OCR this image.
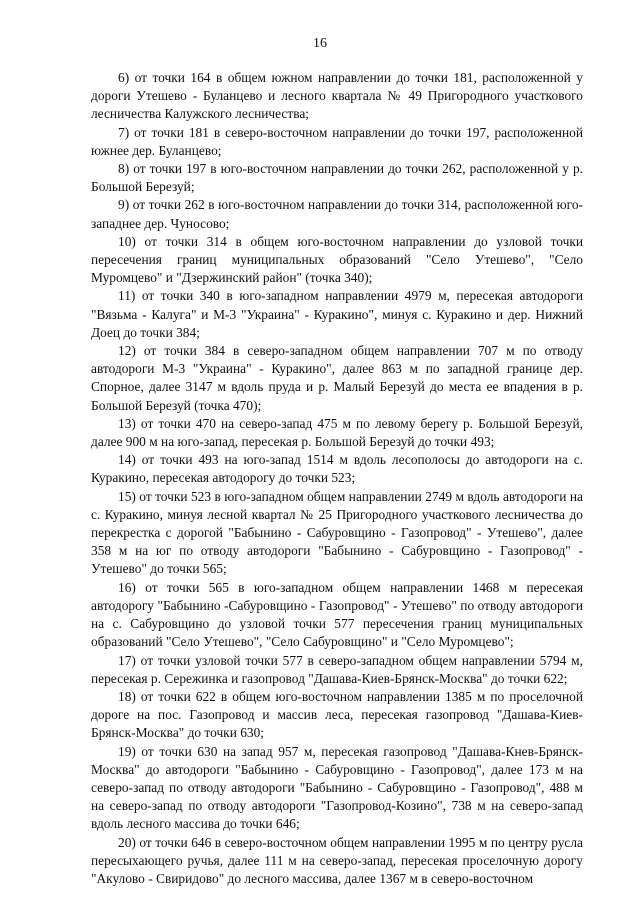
16

6) от точки 164 в общем южном направлении до точки 181, расположенной у дороги Утешево - Буланцево и лесного квартала № 49 Пригородного участкового лесничества Калужского лесничества;

7) от точки 181 в северо-восточном направлении до точки 197, расположенной южнее дер. Буланцево;

8) от точки 197 в юго-восточном направлении до точки 262, расположенной у р. Большой Березуй;

9) от точки 262 в юго-восточном направлении до точки 314, расположенной юго-западнее дер. Чуносово;

10) от точки 314 в общем юго-восточном направлении до узловой точки пересечения границ муниципальных образований "Село Утешево", "Село Муромцево" и "Дзержинский район" (точка 340);

11) от точки 340 в юго-западном направлении 4979 м, пересекая автодороги "Вязьма - Калуга" и М-3 "Украина" - Куракино", минуя с. Куракино и дер. Нижний Доец до точки 384;

12) от точки 384 в северо-западном общем направлении 707 м по отводу автодороги М-3 "Украина" - Куракино", далее 863 м по западной границе дер. Спорное, далее 3147 м вдоль пруда и р. Малый Березуй до места ее впадения в р. Большой Березуй (точка 470);

13) от точки 470 на северо-запад 475 м по левому берегу р. Большой Березуй, далее 900 м на юго-запад, пересекая р. Большой Березуй до точки 493;

14) от точки 493 на юго-запад 1514 м вдоль лесополосы до автодороги на с. Куракино, пересекая автодорогу до точки 523;

15) от точки 523 в юго-западном общем направлении 2749 м вдоль автодороги на с. Куракино, минуя лесной квартал № 25 Пригородного участкового лесничества до перекрестка с дорогой "Бабынино - Сабуровщино - Газопровод" - Утешево", далее 358 м на юг по отводу автодороги "Бабынино - Сабуровщино - Газопровод" - Утешево" до точки 565;

16) от точки 565 в юго-западном общем направлении 1468 м пересекая автодорогу "Бабынино -Сабуровщино - Газопровод" - Утешево" по отводу автодороги на с. Сабуровщино до узловой точки 577 пересечения границ муниципальных образований "Село Утешево", "Село Сабуровщино" и "Село Муромцево";

17) от точки узловой точки 577 в северо-западном общем направлении 5794 м, пересекая р. Сережинка и газопровод "Дашава-Киев-Брянск-Москва" до точки 622;

18) от точки 622 в общем юго-восточном направлении 1385 м по проселочной дороге на пос. Газопровод и массив леса, пересекая газопровод "Дашава-Киев-Брянск-Москва" до точки 630;

19) от точки 630 на запад 957 м, пересекая газопровод "Дашава-Кнев-Брянск-Москва" до автодороги "Бабынино - Сабуровщино - Газопровод", далее 173 м на северо-запад по отводу автодороги "Бабынино - Сабуровщино - Газопровод", 488 м на северо-запад по отводу автодороги "Газопровод-Козино", 738 м на северо-запад вдоль лесного массива до точки 646;

20) от точки 646 в северо-восточном общем направлении 1995 м по центру русла пересыхающего ручья, далее 111 м на северо-запад, пересекая проселочную дорогу "Акулово - Свиридово" до лесного массива, далее 1367 м в северо-восточном
